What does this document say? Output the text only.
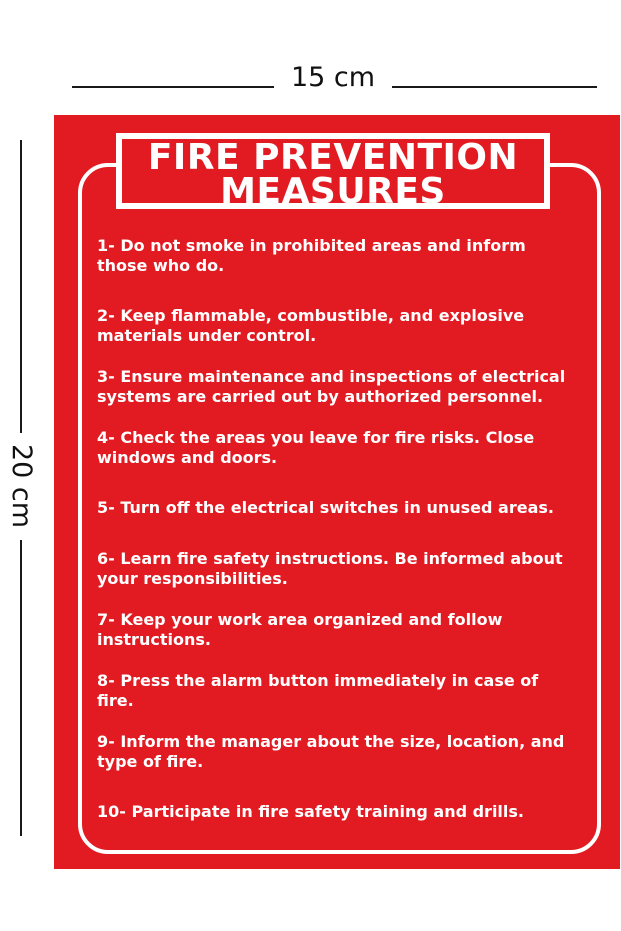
15 cm
20 cm
FIRE PREVENTION
MEASURES
1- Do not smoke in prohibited areas and inform
those who do.
2- Keep flammable, combustible, and explosive
materials under control.
3- Ensure maintenance and inspections of electrical
systems are carried out by authorized personnel.
4- Check the areas you leave for fire risks. Close
windows and doors.
5- Turn off the electrical switches in unused areas.
6- Learn fire safety instructions. Be informed about
your responsibilities.
7- Keep your work area organized and follow
instructions.
8- Press the alarm button immediately in case of
fire.
9- Inform the manager about the size, location, and
type of fire.
10- Participate in fire safety training and drills.
